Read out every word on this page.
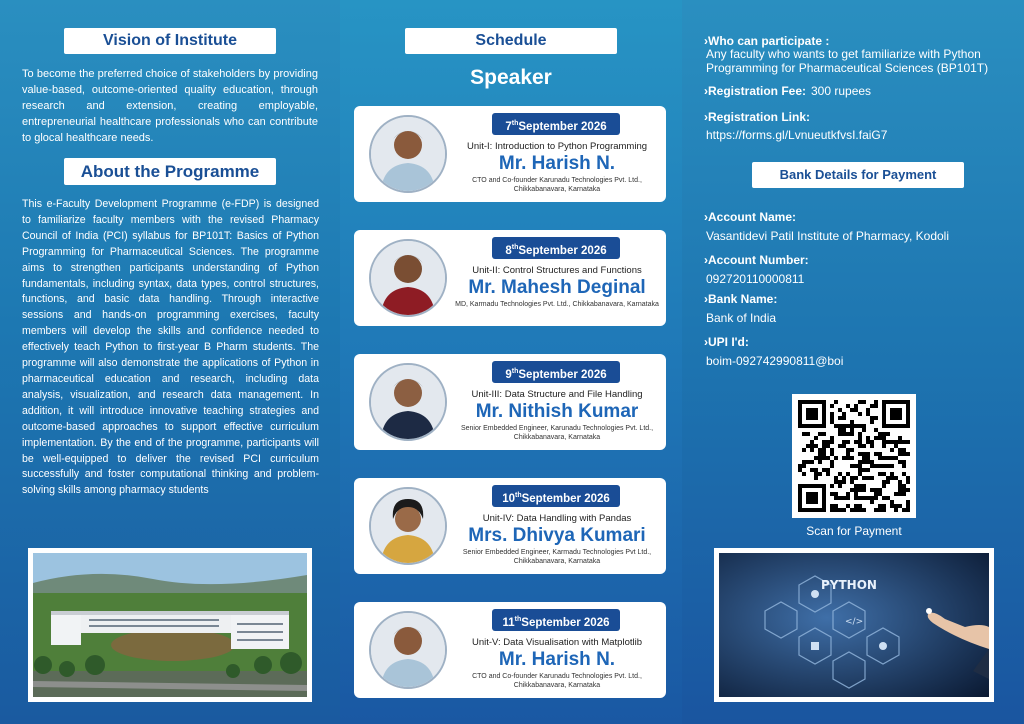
Vision of Institute
To become the preferred choice of stakeholders by providing value-based, outcome-oriented quality education, through research and extension, creating employable, entrepreneurial healthcare professionals who can contribute to glocal healthcare needs.
About the Programme
This e-Faculty Development Programme (e-FDP) is designed to familiarize faculty members with the revised Pharmacy Council of India (PCI) syllabus for BP101T: Basics of Python Programming for Pharmaceutical Sciences. The programme aims to strengthen participants understanding of Python fundamentals, including syntax, data types, control structures, functions, and basic data handling. Through interactive sessions and hands-on programming exercises, faculty members will develop the skills and confidence needed to effectively teach Python to first-year B Pharm students. The programme will also demonstrate the applications of Python in pharmaceutical education and research, including data analysis, visualization, and research data management. In addition, it will introduce innovative teaching strategies and outcome-based approaches to support effective curriculum implementation. By the end of the programme, participants will be well-equipped to deliver the revised PCI curriculum successfully and foster computational thinking and problem-solving skills among pharmacy students
Schedule
Speaker
7thSeptember 2026
Unit-I: Introduction to Python Programming
Mr. Harish N.
CTO and Co-founder Karunadu Technologies Pvt. Ltd., Chikkabanavara, Karnataka
8thSeptember 2026
Unit-II: Control Structures and Functions
Mr. Mahesh Deginal
MD, Karmadu Technologies Pvt. Ltd., Chikkabanavara, Karnataka
9thSeptember 2026
Unit-III: Data Structure and File Handling
Mr. Nithish Kumar
Senior Embedded Engineer, Karunadu Technologies Pvt. Ltd., Chikkabanavara, Karnataka
10thSeptember 2026
Unit-IV: Data Handling with Pandas
Mrs. Dhivya Kumari
Senior Embedded Engineer, Karmadu Technologies Pvt Ltd., Chikkabanavara, Karnataka
11thSeptember 2026
Unit-V: Data Visualisation with Matplotlib
Mr. Harish N.
CTO and Co-founder Karunadu Technologies Pvt. Ltd., Chikkabanavara, Karnataka
›Who can participate :
Any faculty who wants to get familiarize with Python Programming for Pharmaceutical Sciences (BP101T)
›Registration Fee: 300 rupees
›Registration Link:
https://forms.gl/LvnueutkfvsI.faiG7
Bank Details for Payment
›Account Name:
Vasantidevi Patil Institute of Pharmacy, Kodoli
›Account Number:
092720110000811
›Bank Name:
Bank of India
›UPI I'd:
boim-092742990811@boi
Scan for Payment
</>
PYTHON
